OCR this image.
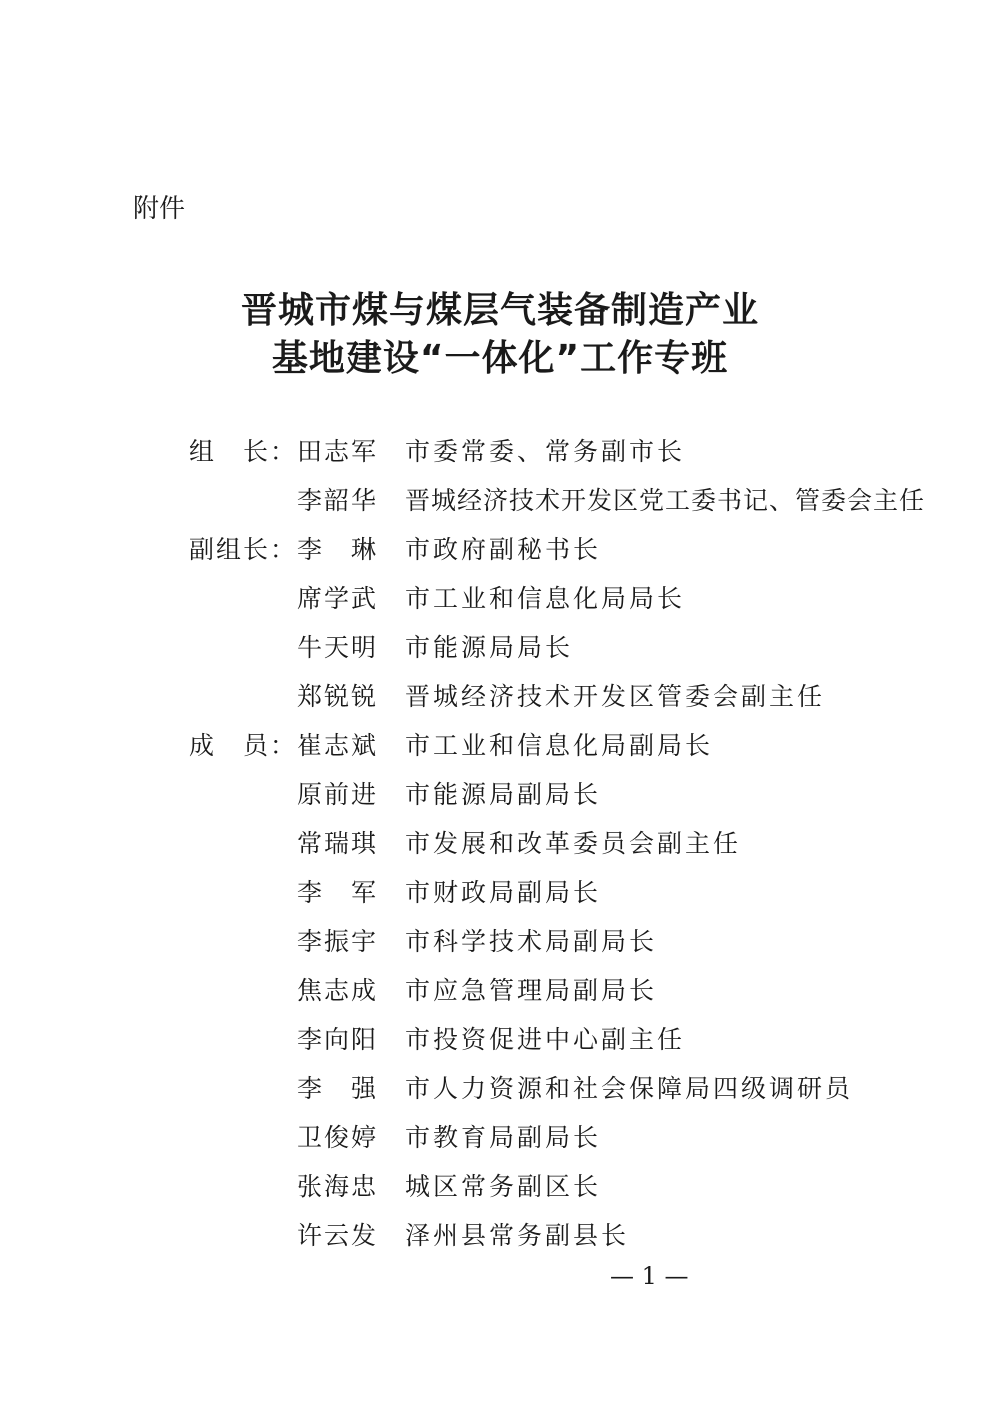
附件
晋城市煤与煤层气装备制造产业
基地建设“一体化”工作专班
组　长： 田志军 市委常委、常务副市长
李韶华 晋城经济技术开发区党工委书记、管委会主任
副组长： 李　琳 市政府副秘书长
席学武 市工业和信息化局局长
牛天明 市能源局局长
郑锐锐 晋城经济技术开发区管委会副主任
成　员： 崔志斌 市工业和信息化局副局长
原前进 市能源局副局长
常瑞琪 市发展和改革委员会副主任
李　军 市财政局副局长
李振宇 市科学技术局副局长
焦志成 市应急管理局副局长
李向阳 市投资促进中心副主任
李　强 市人力资源和社会保障局四级调研员
卫俊婷 市教育局副局长
张海忠 城区常务副区长
许云发 泽州县常务副县长
— 1 —
